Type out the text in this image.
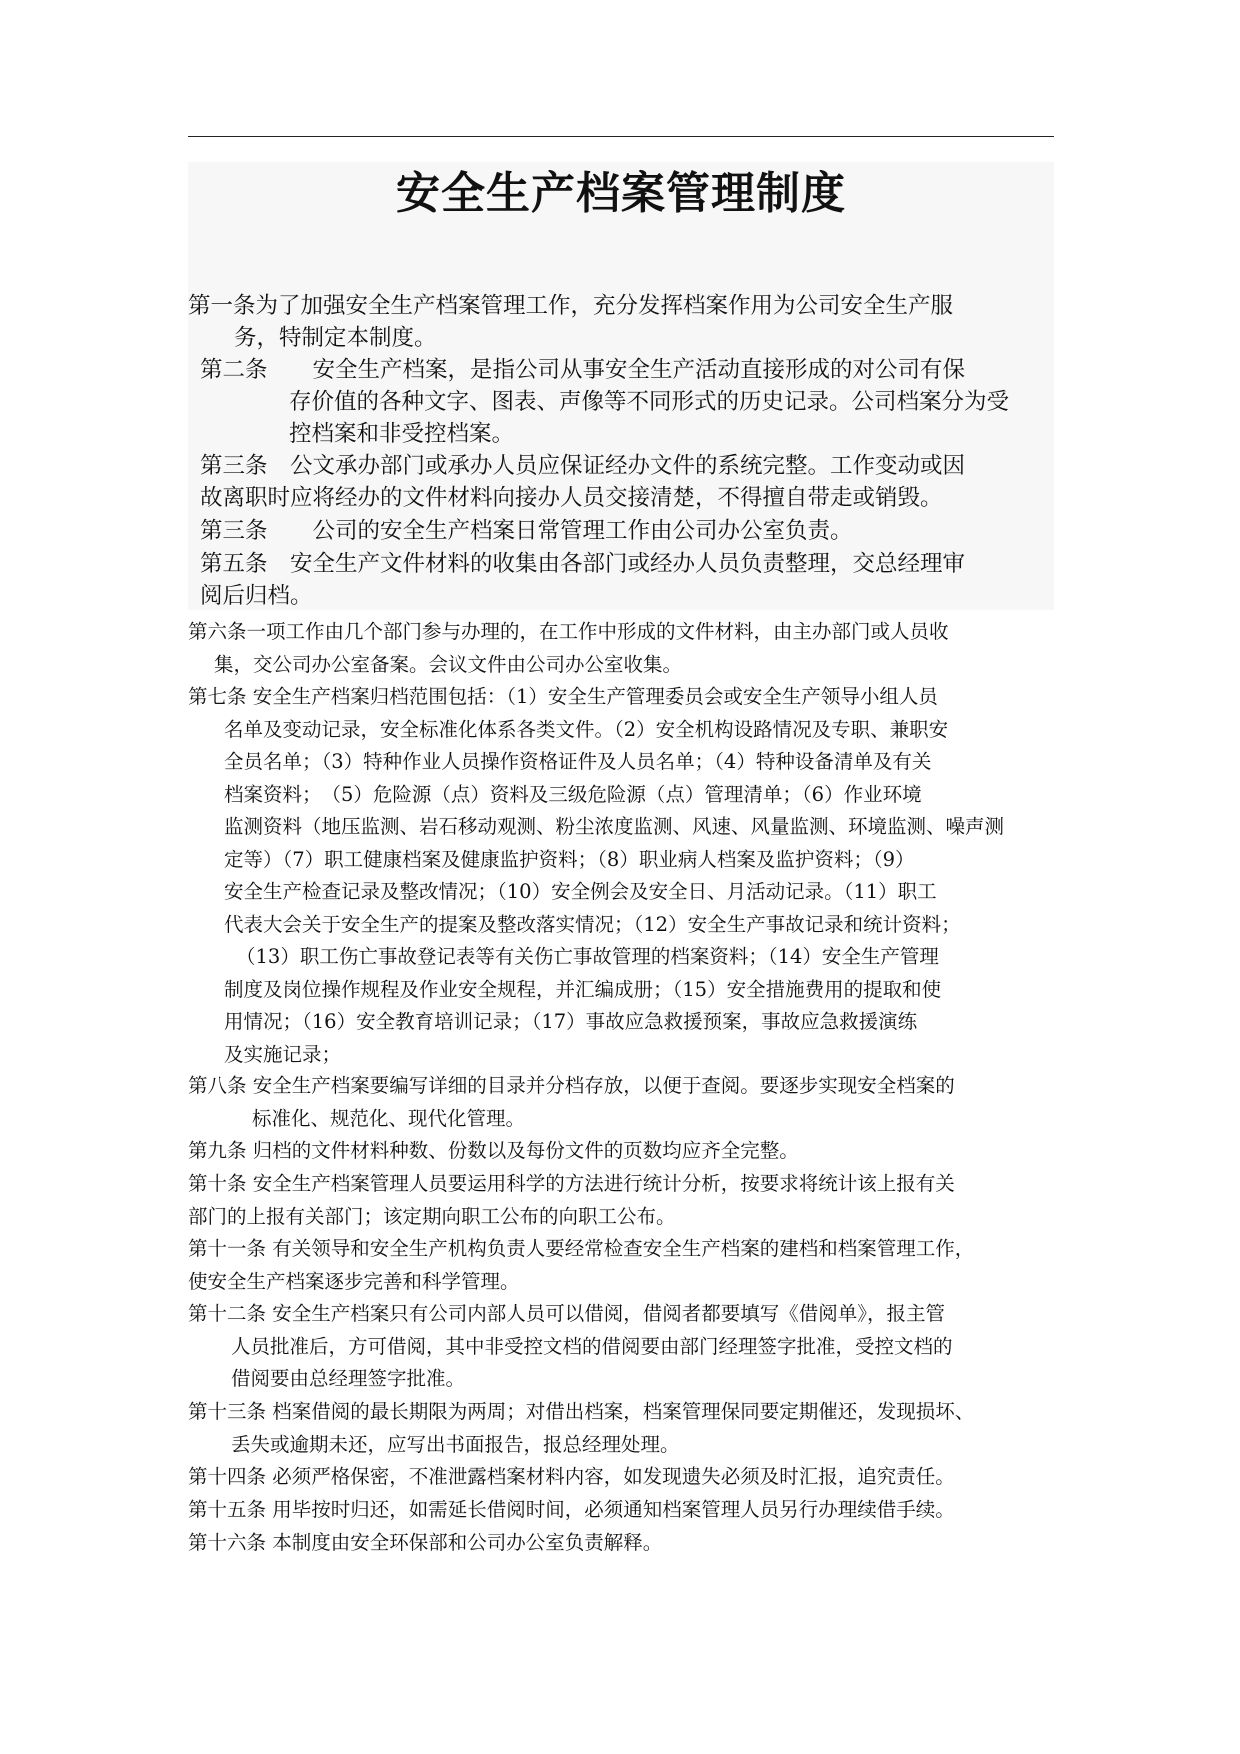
安全生产档案管理制度
第一条为了加强安全生产档案管理工作，充分发挥档案作用为公司安全生产服
务，特制定本制度。
第二条　　安全生产档案，是指公司从事安全生产活动直接形成的对公司有保
存价值的各种文字、图表、声像等不同形式的历史记录。公司档案分为受
控档案和非受控档案。
第三条　公文承办部门或承办人员应保证经办文件的系统完整。工作变动或因
故离职时应将经办的文件材料向接办人员交接清楚，不得擅自带走或销毁。
第三条　　公司的安全生产档案日常管理工作由公司办公室负责。
第五条　安全生产文件材料的收集由各部门或经办人员负责整理，交总经理审
阅后归档。
第六条一项工作由几个部门参与办理的，在工作中形成的文件材料，由主办部门或人员收
集，交公司办公室备案。会议文件由公司办公室收集。
第七条 安全生产档案归档范围包括：（1）安全生产管理委员会或安全生产领导小组人员
名单及变动记录，安全标准化体系各类文件。（2）安全机构设路情况及专职、兼职安
全员名单；（3）特种作业人员操作资格证件及人员名单；（4）特种设备清单及有关
档案资料；　（5）危险源（点）资料及三级危险源（点）管理清单；（6）作业环境
监测资料（地压监测、岩石移动观测、粉尘浓度监测、风速、风量监测、环境监测、噪声测
定等）（7）职工健康档案及健康监护资料；（8）职业病人档案及监护资料；（9）
安全生产检查记录及整改情况；（10）安全例会及安全日、月活动记录。（11）职工
代表大会关于安全生产的提案及整改落实情况；（12）安全生产事故记录和统计资料；
（13）职工伤亡事故登记表等有关伤亡事故管理的档案资料；（14）安全生产管理
制度及岗位操作规程及作业安全规程，并汇编成册；（15）安全措施费用的提取和使
用情况；（16）安全教育培训记录；（17）事故应急救援预案，事故应急救援演练
及实施记录；
第八条 安全生产档案要编写详细的目录并分档存放，以便于查阅。要逐步实现安全档案的
标准化、规范化、现代化管理。
第九条 归档的文件材料种数、份数以及每份文件的页数均应齐全完整。
第十条 安全生产档案管理人员要运用科学的方法进行统计分析，按要求将统计该上报有关
部门的上报有关部门；该定期向职工公布的向职工公布。
第十一条 有关领导和安全生产机构负责人要经常检查安全生产档案的建档和档案管理工作，
使安全生产档案逐步完善和科学管理。
第十二条 安全生产档案只有公司内部人员可以借阅，借阅者都要填写《借阅单》，报主管
人员批准后，方可借阅，其中非受控文档的借阅要由部门经理签字批准，受控文档的
借阅要由总经理签字批准。
第十三条 档案借阅的最长期限为两周；对借出档案，档案管理保同要定期催还，发现损坏、
丢失或逾期未还，应写出书面报告，报总经理处理。
第十四条 必须严格保密，不准泄露档案材料内容，如发现遗失必须及时汇报，追究责任。
第十五条 用毕按时归还，如需延长借阅时间，必须通知档案管理人员另行办理续借手续。
第十六条 本制度由安全环保部和公司办公室负责解释。
